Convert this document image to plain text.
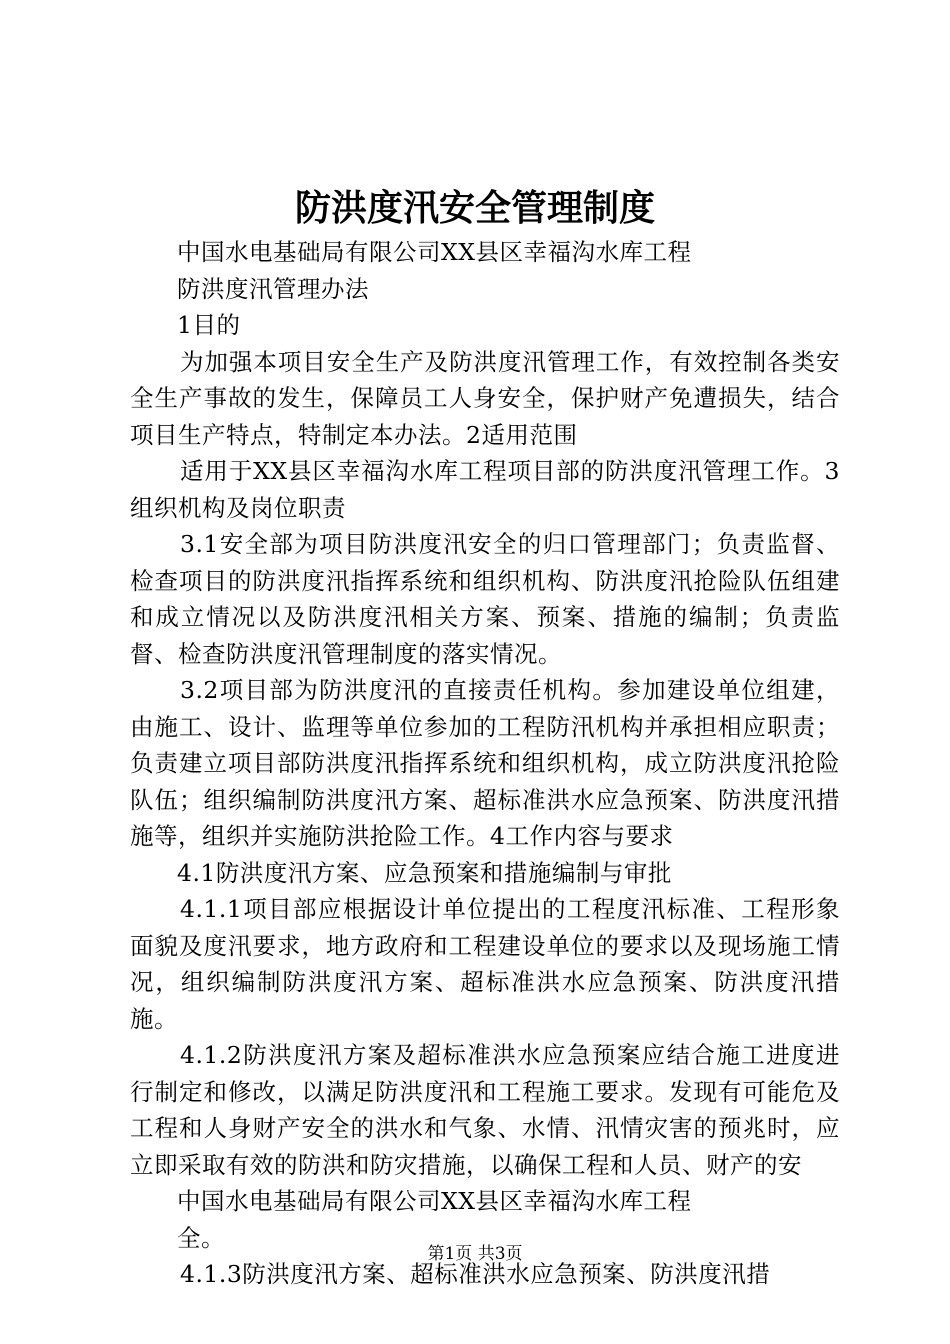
防洪度汛安全管理制度

中国水电基础局有限公司XX县区幸福沟水库工程

防洪度汛管理办法

1目的

为加强本项目安全生产及防洪度汛管理工作，有效控制各类安全生产事故的发生，保障员工人身安全，保护财产免遭损失，结合项目生产特点，特制定本办法。2适用范围

适用于XX县区幸福沟水库工程项目部的防洪度汛管理工作。3组织机构及岗位职责

3.1安全部为项目防洪度汛安全的归口管理部门；负责监督、检查项目的防洪度汛指挥系统和组织机构、防洪度汛抢险队伍组建和成立情况以及防洪度汛相关方案、预案、措施的编制；负责监督、检查防洪度汛管理制度的落实情况。

3.2项目部为防洪度汛的直接责任机构。参加建设单位组建，由施工、设计、监理等单位参加的工程防汛机构并承担相应职责；负责建立项目部防洪度汛指挥系统和组织机构，成立防洪度汛抢险队伍；组织编制防洪度汛方案、超标准洪水应急预案、防洪度汛措施等，组织并实施防洪抢险工作。4工作内容与要求

4.1防洪度汛方案、应急预案和措施编制与审批

4.1.1项目部应根据设计单位提出的工程度汛标准、工程形象面貌及度汛要求，地方政府和工程建设单位的要求以及现场施工情况，组织编制防洪度汛方案、超标准洪水应急预案、防洪度汛措施。

4.1.2防洪度汛方案及超标准洪水应急预案应结合施工进度进行制定和修改，以满足防洪度汛和工程施工要求。发现有可能危及工程和人身财产安全的洪水和气象、水情、汛情灾害的预兆时，应立即采取有效的防洪和防灾措施，以确保工程和人员、财产的安

中国水电基础局有限公司XX县区幸福沟水库工程

全。

4.1.3防洪度汛方案、超标准洪水应急预案、防洪度汛措

第1页 共3页
